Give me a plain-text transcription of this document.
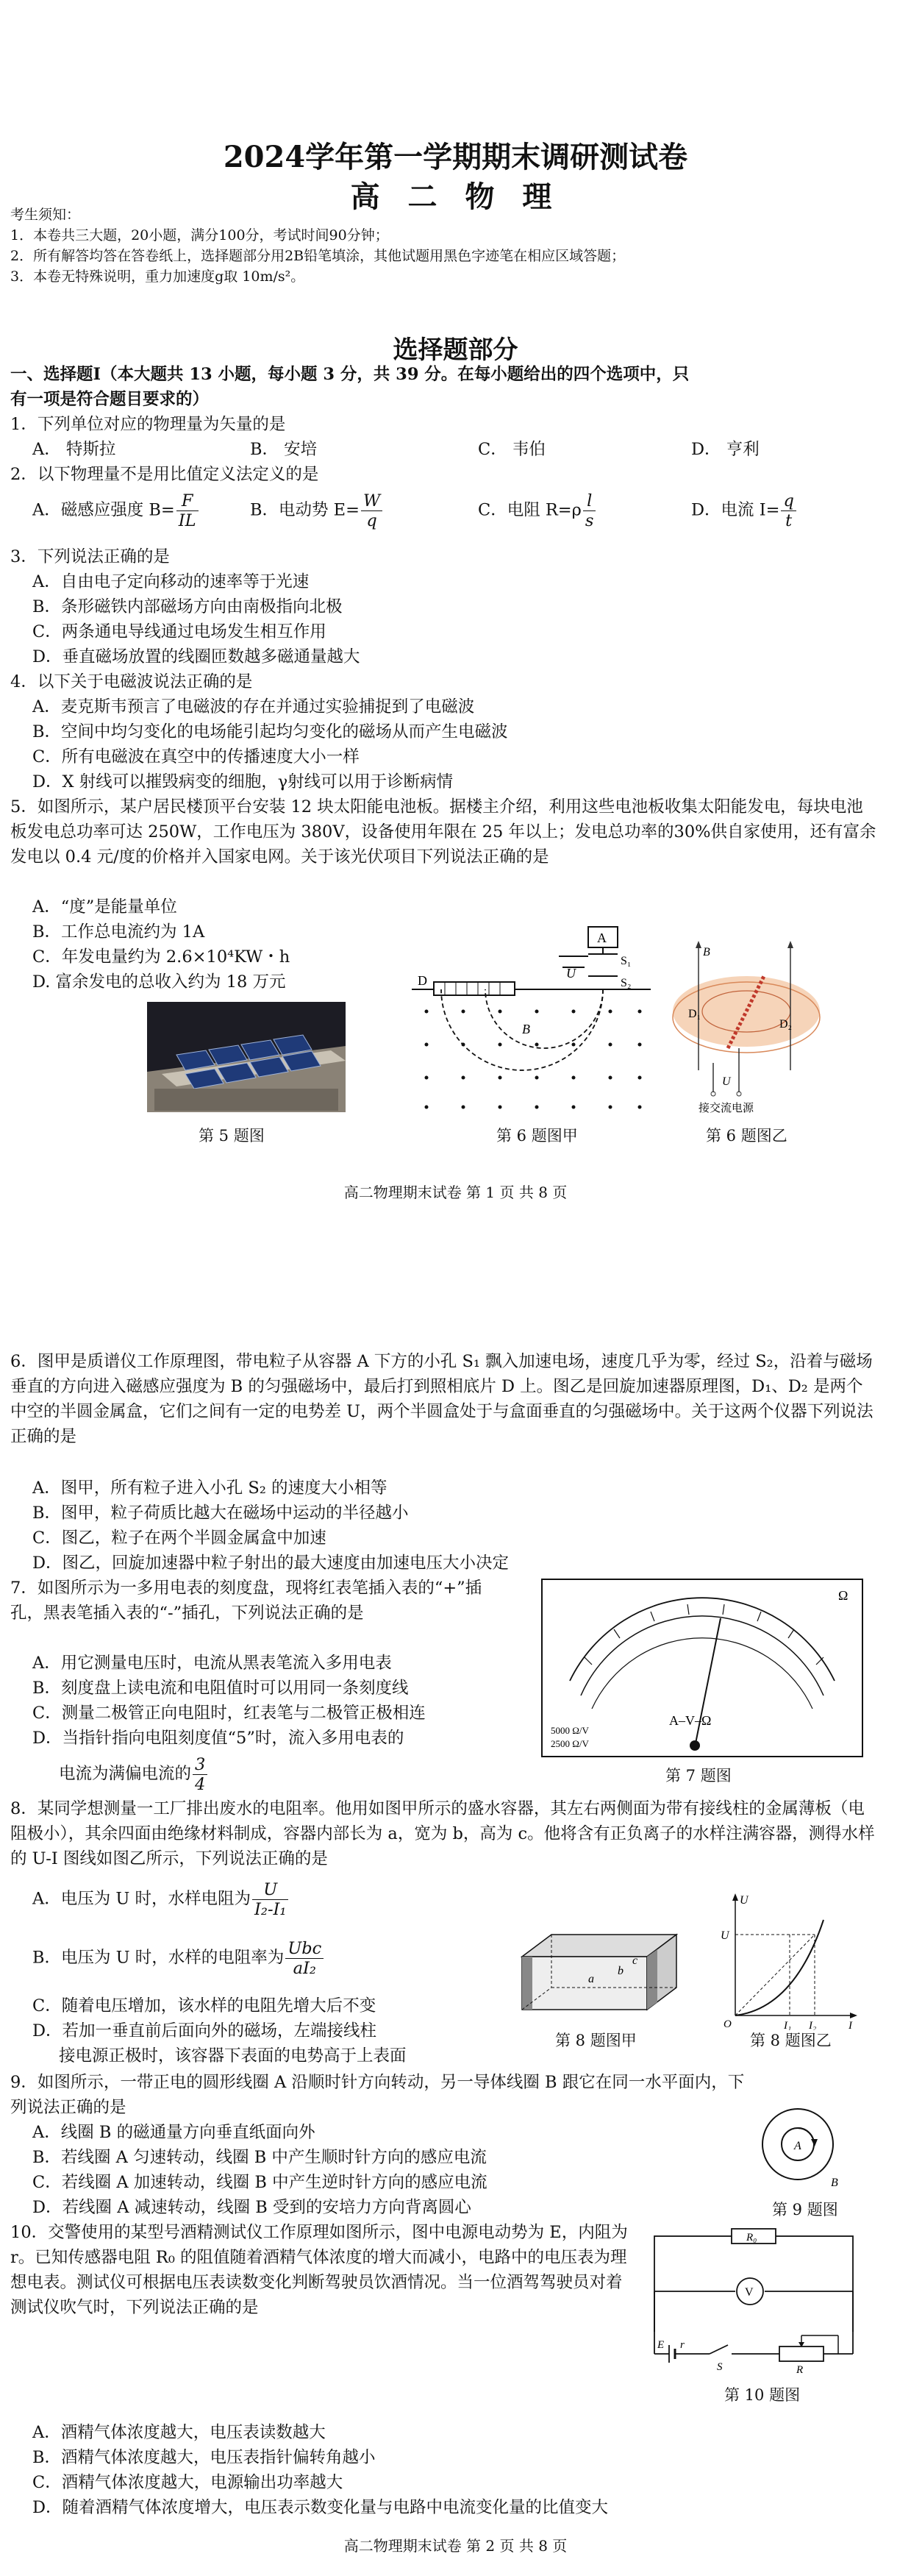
2024学年第一学期期末调研测试卷
高 二 物 理
考生须知：
1．本卷共三大题，20小题，满分100分，考试时间90分钟；
2．所有解答均答在答卷纸上，选择题部分用2B铅笔填涂，其他试题用黑色字迹笔在相应区域答题；
3．本卷无特殊说明，重力加速度g取 10m/s²。
选择题部分
一、选择题Ⅰ（本大题共 13 小题，每小题 3 分，共 39 分。在每小题给出的四个选项中，只
有一项是符合题目要求的）
1．下列单位对应的物理量为矢量的是
A． 特斯拉	B． 安培	C． 韦伯	D． 亨利
2．以下物理量不是用比值定义法定义的是
A．磁感应强度 $B= \frac{F}{IL}$	B．电动势 $E= \frac{W}{q}$	C．电阻 $R=\rho \frac{l}{s}$	D．电流 $I= \frac{q}{t}$
3．下列说法正确的是
A．自由电子定向移动的速率等于光速
B．条形磁铁内部磁场方向由南极指向北极
C．两条通电导线通过电场发生相互作用
D．垂直磁场放置的线圈匝数越多磁通量越大
4．以下关于电磁波说法正确的是
A．麦克斯韦预言了电磁波的存在并通过实验捕捉到了电磁波
B．空间中均匀变化的电场能引起均匀变化的磁场从而产生电磁波
C．所有电磁波在真空中的传播速度大小一样
D．X 射线可以摧毁病变的细胞，γ射线可以用于诊断病情
5．如图所示，某户居民楼顶平台安装 12 块太阳能电池板。据楼主介绍，利用这些电池板收集太阳能发电，每块电池板发电总功率可达 250W，工作电压为 380V，设备使用年限在 25 年以上；发电总功率的30%供自家使用，还有富余发电以 0.4 元/度的价格并入国家电网。关于该光伏项目下列说法正确的是
A．“度”是能量单位
B．工作总电流约为 1A
C．年发电量约为 2.6×10⁴KW・h
D. 富余发电的总收入约为 18 万元
第 5 题图
A
U
S₁
S₂
D
B
第 6 题图甲
B
D₁
D₂
U
接交流电源
第 6 题图乙
高二物理期末试卷 第 1 页 共 8 页
6．图甲是质谱仪工作原理图，带电粒子从容器 A 下方的小孔 S₁ 飘入加速电场，速度几乎为零，经过 S₂，沿着与磁场垂直的方向进入磁感应强度为 B 的匀强磁场中，最后打到照相底片 D 上。图乙是回旋加速器原理图，D₁、D₂ 是两个中空的半圆金属盒，它们之间有一定的电势差 U，两个半圆盒处于与盒面垂直的匀强磁场中。关于这两个仪器下列说法正确的是
A．图甲，所有粒子进入小孔 S₂ 的速度大小相等
B．图甲，粒子荷质比越大在磁场中运动的半径越小
C．图乙，粒子在两个半圆金属盒中加速
D．图乙，回旋加速器中粒子射出的最大速度由加速电压大小决定
7．如图所示为一多用电表的刻度盘，现将红表笔插入表的“+”插孔，黑表笔插入表的“-”插孔，下列说法正确的是
A．用它测量电压时，电流从黑表笔流入多用电表
B．刻度盘上读电流和电阻值时可以用同一条刻度线
C．测量二极管正向电阻时，红表笔与二极管正极相连
D．当指针指向电阻刻度值“5”时，流入多用电表的
电流为满偏电流的 $\frac{3}{4}$
Ω
A–V–Ω
5000 Ω/V
2500 Ω/V
第 7 题图
8．某同学想测量一工厂排出废水的电阻率。他用如图甲所示的盛水容器，其左右两侧面为带有接线柱的金属薄板（电阻极小），其余四面由绝缘材料制成，容器内部长为 a，宽为 b，高为 c。他将含有正负离子的水样注满容器，测得水样的 U-I 图线如图乙所示，下列说法正确的是
A．电压为 U 时，水样电阻为 $\frac{U}{\text{I₂-I₁}}$
B．电压为 U 时，水样的电阻率为 $\frac{\text{Ubc}}{\text{aI₂}}$
C．随着电压增加，该水样的电阻先增大后不变
D．若加一垂直前后面向外的磁场，左端接线柱
接电源正极时，该容器下表面的电势高于上表面
a
b
c
第 8 题图甲
U
U
O	I₁ I₂	I
第 8 题图乙
9．如图所示，一带正电的圆形线圈 A 沿顺时针方向转动，另一导体线圈 B 跟它在同一水平面内，下列说法正确的是
A．线圈 B 的磁通量方向垂直纸面向外
B．若线圈 A 匀速转动，线圈 B 中产生顺时针方向的感应电流
C．若线圈 A 加速转动，线圈 B 中产生逆时针方向的感应电流
D．若线圈 A 减速转动，线圈 B 受到的安培力方向背离圆心
A
B
第 9 题图
10．交警使用的某型号酒精测试仪工作原理如图所示，图中电源电动势为 E，内阻为 r。已知传感器电阻 R₀ 的阻值随着酒精气体浓度的增大而减小，电路中的电压表为理想电表。测试仪可根据电压表读数变化判断驾驶员饮酒情况。当一位酒驾驾驶员对着测试仪吹气时，下列说法正确的是
A．酒精气体浓度越大，电压表读数越大
B．酒精气体浓度越大，电压表指针偏转角越小
C．酒精气体浓度越大，电源输出功率越大
D．随着酒精气体浓度增大，电压表示数变化量与电路中电流变化量的比值变大
R₀
V
E r
S	R
第 10 题图
高二物理期末试卷 第 2 页 共 8 页
